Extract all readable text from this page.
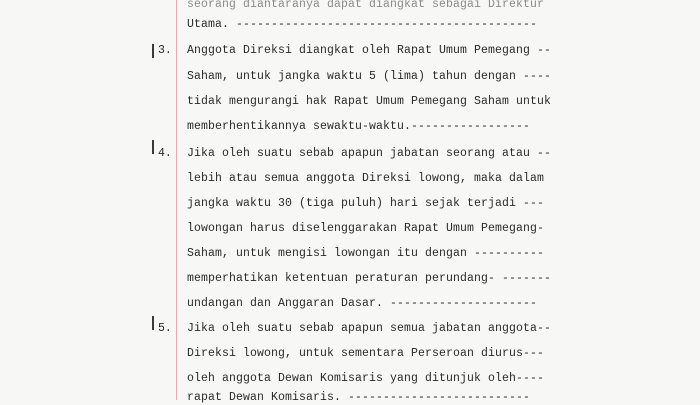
seorang diantaranya dapat diangkat sebagai Direktur
Utama. -------------------------------------------
3. Anggota Direksi diangkat oleh Rapat Umum Pemegang --
Saham, untuk jangka waktu 5 (lima) tahun dengan ----
tidak mengurangi hak Rapat Umum Pemegang Saham untuk
memberhentikannya sewaktu-waktu.-----------------
4. Jika oleh suatu sebab apapun jabatan seorang atau --
lebih atau semua anggota Direksi lowong, maka dalam
jangka waktu 30 (tiga puluh) hari sejak terjadi ---
lowongan harus diselenggarakan Rapat Umum Pemegang-
Saham, untuk mengisi lowongan itu dengan ----------
memperhatikan ketentuan peraturan perundang- -------
undangan dan Anggaran Dasar. ---------------------
5. Jika oleh suatu sebab apapun semua jabatan anggota--
Direksi lowong, untuk sementara Perseroan diurus---
oleh anggota Dewan Komisaris yang ditunjuk oleh----
rapat Dewan Komisaris. --------------------------
